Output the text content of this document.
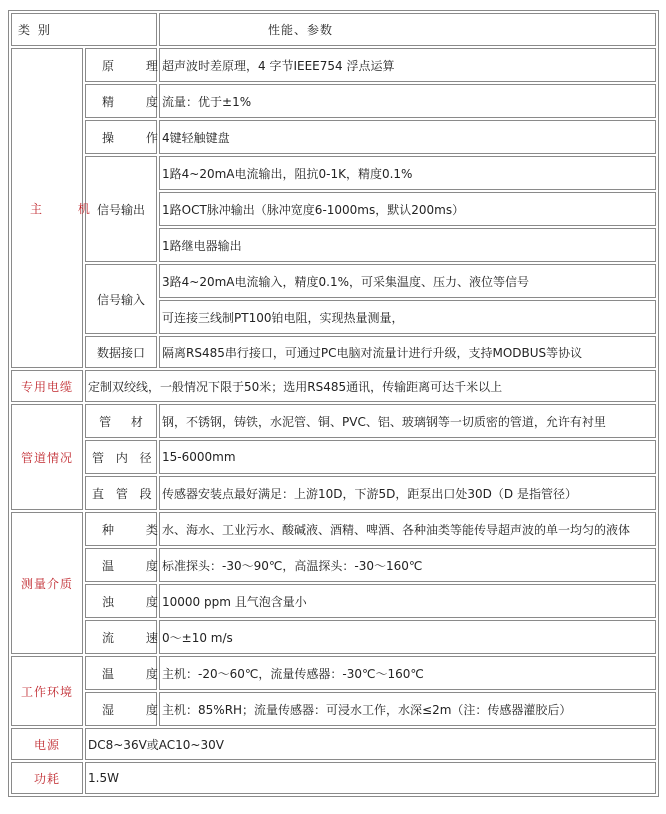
类 别		性能、参数
主 机	原 理	超声波时差原理，4 字节IEEE754 浮点运算
	精 度	流量：优于±1%
	操 作	4键轻触键盘
	信号输出	1路4~20mA电流输出，阻抗0-1K，精度0.1%
		1路OCT脉冲输出（脉冲宽度6-1000ms，默认200ms）
		1路继电器输出
	信号输入	3路4~20mA电流输入，精度0.1%，可采集温度、压力、液位等信号
		可连接三线制PT100铂电阻，实现热量测量，
	数据接口	隔离RS485串行接口，可通过PC电脑对流量计进行升级，支持MODBUS等协议
专用电缆	定制双绞线，一般情况下限于50米；选用RS485通讯，传输距离可达千米以上	
管道情况	管 材	钢，不锈钢，铸铁，水泥管、铜、PVC、铝、玻璃钢等一切质密的管道，允许有衬里
	管 内 径	15-6000mm
	直 管 段	传感器安装点最好满足：上游10D，下游5D，距泵出口处30D（D 是指管径）
测量介质	种 类	水、海水、工业污水、酸碱液、酒精、啤酒、各种油类等能传导超声波的单一均匀的液体
	温 度	标准探头：-30～90℃，高温探头：-30～160℃
	浊 度	10000 ppm 且气泡含量小
	流 速	0～±10 m/s
工作环境	温 度	主机：-20～60℃，流量传感器：-30℃～160℃
	湿 度	主机：85%RH；流量传感器：可浸水工作，水深≤2m（注：传感器灌胶后）
电源	DC8~36V或AC10~30V	
功耗	1.5W	
